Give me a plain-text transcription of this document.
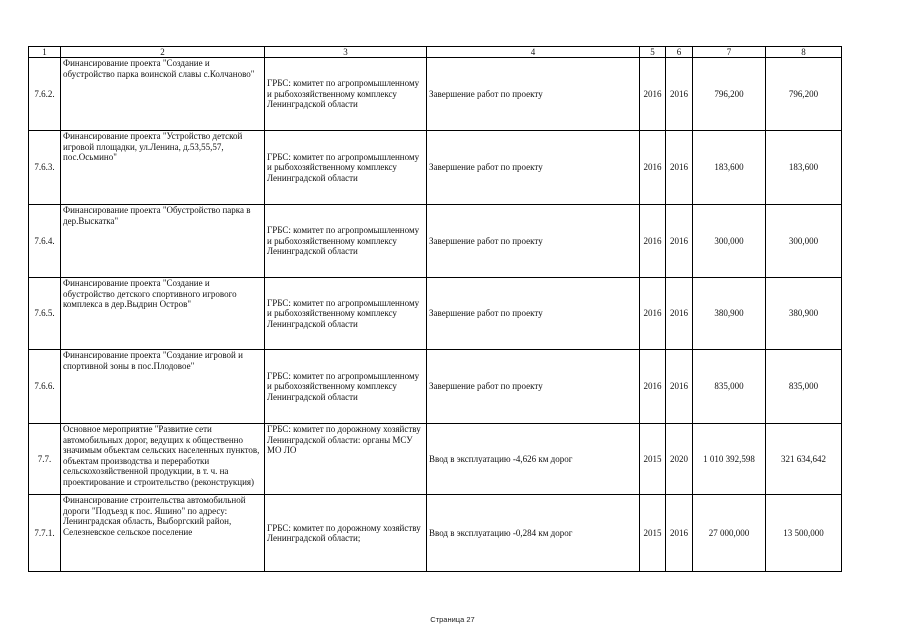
1	2	3	4	5	6	7	8
7.6.2.	Финансирование проекта "Создание и обустройство парка воинской славы с.Колчаново"	ГРБС: комитет по агропромышленному и рыбохозяйственному комплексу Ленинградской области	Завершение работ по проекту	2016	2016	796,200	796,200
7.6.3.	Финансирование проекта "Устройство детской игровой площадки, ул.Ленина, д.53,55,57, пос.Осьмино"	ГРБС: комитет по агропромышленному и рыбохозяйственному комплексу Ленинградской области	Завершение работ по проекту	2016	2016	183,600	183,600
7.6.4.	Финансирование проекта "Обустройство парка в дер.Выскатка"	ГРБС: комитет по агропромышленному и рыбохозяйственному комплексу Ленинградской области	Завершение работ по проекту	2016	2016	300,000	300,000
7.6.5.	Финансирование проекта "Создание и обустройство детского спортивного игрового комплекса в дер.Выдрин Остров"	ГРБС: комитет по агропромышленному и рыбохозяйственному комплексу Ленинградской области	Завершение работ по проекту	2016	2016	380,900	380,900
7.6.6.	Финансирование проекта "Создание игровой и спортивной зоны в пос.Плодовое"	ГРБС: комитет по агропромышленному и рыбохозяйственному комплексу Ленинградской области	Завершение работ по проекту	2016	2016	835,000	835,000
7.7.	Основное мероприятие "Развитие сети автомобильных дорог, ведущих к общественно значимым объектам сельских населенных пунктов, объектам производства и переработки сельскохозяйственной продукции, в т. ч. на проектирование и строительство (реконструкция)	ГРБС: комитет по дорожному хозяйству Ленинградской области: органы МСУ МО ЛО	Ввод в эксплуатацию -4,626 км дорог	2015	2020	1 010 392,598	321 634,642
7.7.1.	Финансирование строительства автомобильной дороги "Подъезд к пос. Яшино" по адресу: Ленинградская область, Выборгский район, Селезневское сельское поселение	ГРБС: комитет по дорожному хозяйству Ленинградской области;	Ввод в эксплуатацию -0,284 км дорог	2015	2016	27 000,000	13 500,000
Страница 27
